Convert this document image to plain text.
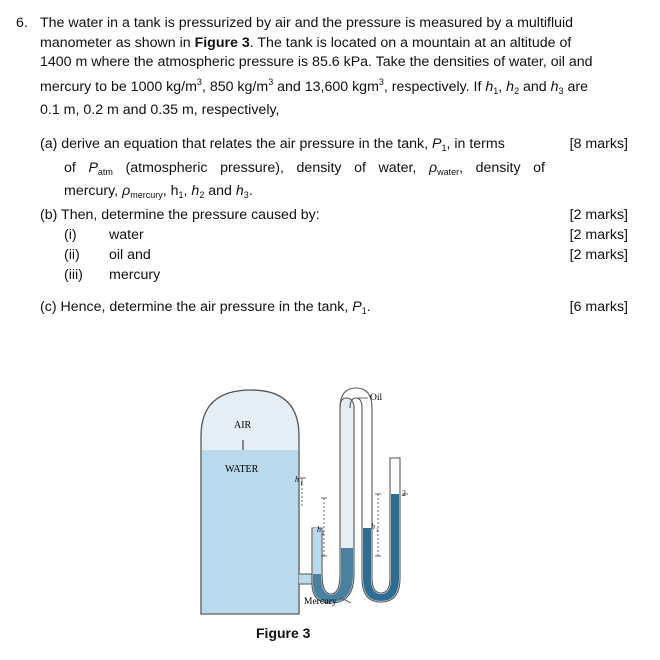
6. The water in a tank is pressurized by air and the pressure is measured by a multifluid
manometer as shown in Figure 3. The tank is located on a mountain at an altitude of
1400 m where the atmospheric pressure is 85.6 kPa. Take the densities of water, oil and
mercury to be 1000 $kg/m^3$, 850 $kg/m^3$ and 13,600 kgm$^3$, respectively. If $h_1$, $h_2$ and $h_3$ are
0.1 m, 0.2 m and 0.35 m, respectively,
(a) derive an equation that relates the air pressure in the tank, $P_1$, in terms
of $P_{atm}$ (atmospheric pressure), density of water, $\rho_{water}$, density of
mercury, $\rho_{mercury}$, $h_1$, $h_2$ and $h_3$.
[8 marks]
(b) Then, determine the pressure caused by:
(i) water
(ii) oil and
(iii) mercury
[2 marks]
[2 marks]
[2 marks]
(c) Hence, determine the air pressure in the tank, $P_1$.	[6 marks]
AIR
WATER
Oil
Mercury
h
1
h
2
h
3
2
Figure 3
